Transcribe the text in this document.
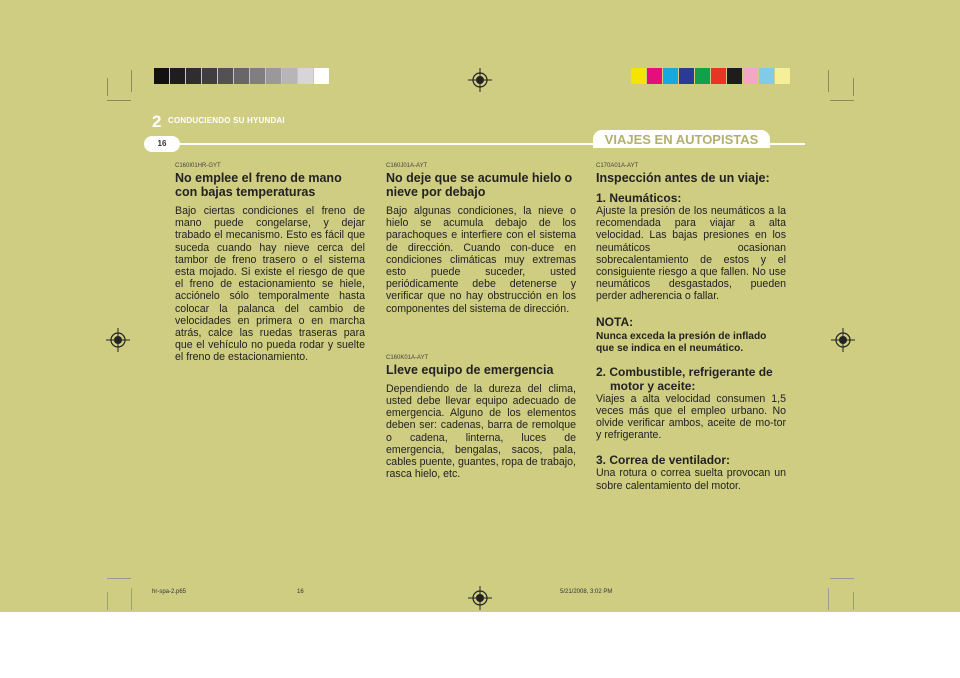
2 CONDUCIENDO SU HYUNDAI
16	VIAJES EN AUTOPISTAS

C160I01HR-GYT

No emplee el freno de mano con bajas temperaturas

Bajo ciertas condiciones el freno de mano puede congelarse, y dejar trabado el mecanismo. Esto es fácil que suceda cuando hay nieve cerca del tambor de freno trasero o el sistema esta mojado. Si existe el riesgo de que el freno de estacionamiento se hiele, acciónelo sólo temporalmente hasta colocar la palanca del cambio de velocidades en primera o en marcha atrás, calce las ruedas traseras para que el vehículo no pueda rodar y suelte el freno de estacionamiento.

C160J01A-AYT

No deje que se acumule hielo o nieve por debajo

Bajo algunas condiciones, la nieve o hielo se acumula debajo de los parachoques e interfiere con el sistema de dirección. Cuando con-duce en condiciones climáticas muy extremas esto puede suceder, usted periódicamente debe detenerse y verificar que no hay obstrucción en los componentes del sistema de dirección.

C160K01A-AYT

Lleve equipo de emergencia

Dependiendo de la dureza del clima, usted debe llevar equipo adecuado de emergencia. Alguno de los elementos deben ser: cadenas, barra de remolque o cadena, linterna, luces de emergencia, bengalas, sacos, pala, cables puente, guantes, ropa de trabajo, rasca hielo, etc.

C170A01A-AYT

Inspección antes de un viaje:

1. Neumáticos:

Ajuste la presión de los neumáticos a la recomendada para viajar a alta velocidad. Las bajas presiones en los neumáticos ocasionan sobrecalentamiento de estos y el consiguiente riesgo a que fallen. No use neumáticos desgastados, pueden perder adherencia o fallar.

NOTA:

Nunca exceda la presión de inflado que se indica en el neumático.

2. Combustible, refrigerante de motor y aceite:

Viajes a alta velocidad consumen 1,5 veces más que el empleo urbano. No olvide verificar ambos, aceite de mo-tor y refrigerante.

3. Correa de ventilador:

Una rotura o correa suelta provocan un sobre calentamiento del motor.

hr-spa-2.p65	16	5/21/2008, 3:02 PM
